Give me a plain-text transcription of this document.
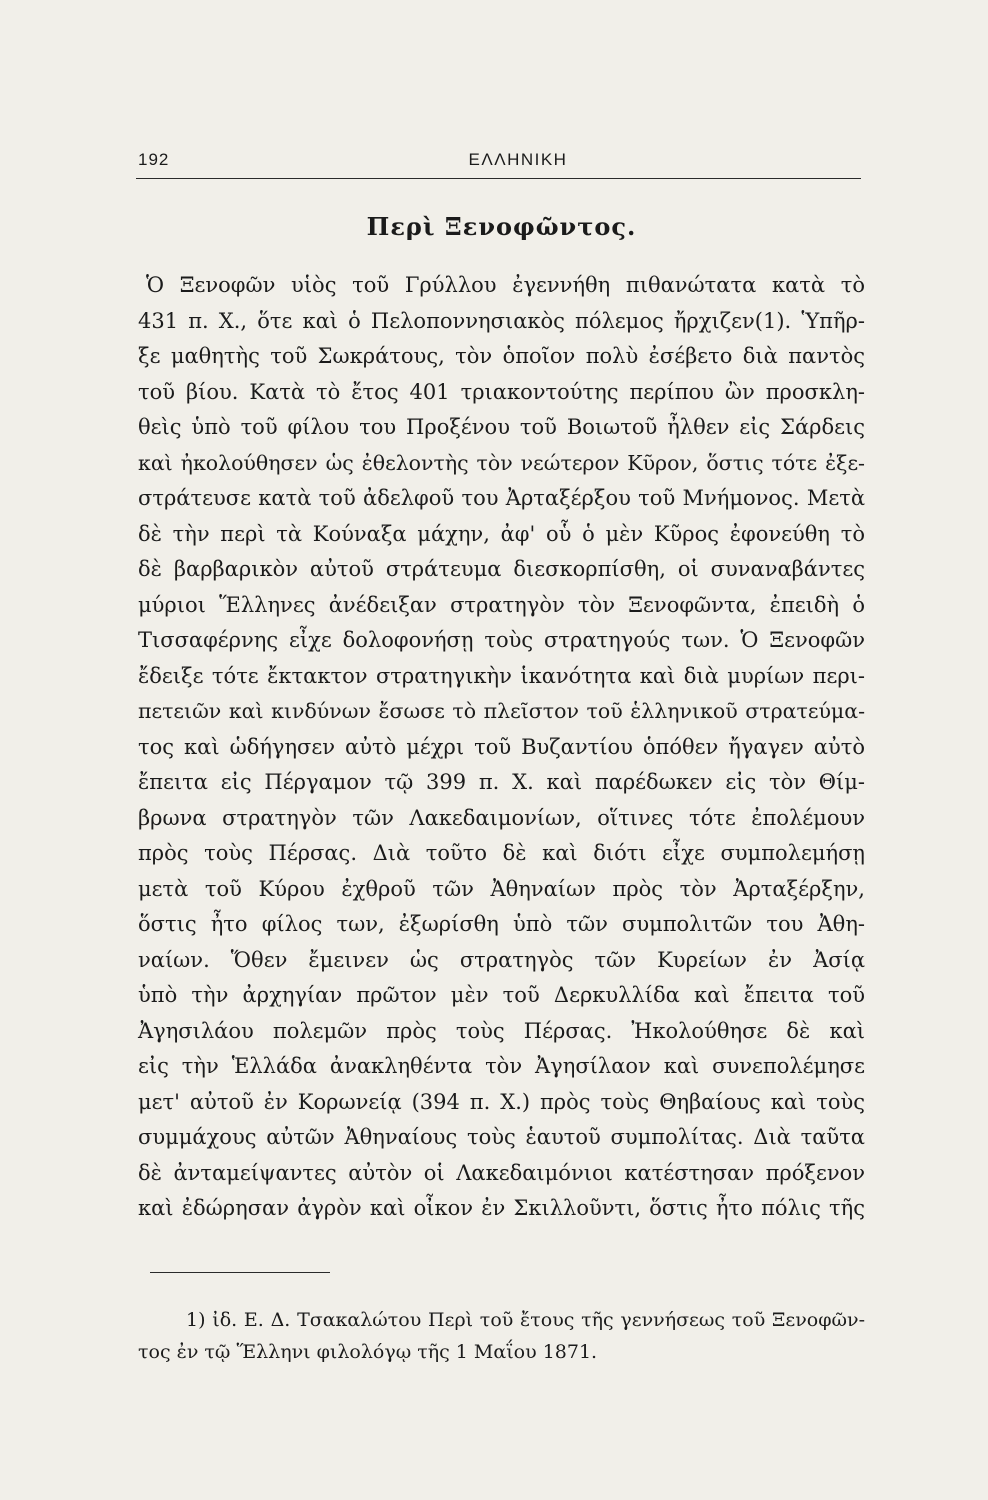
192	ΕΛΛΗΝΙΚΗ
Περὶ Ξενοφῶντος.
Ὁ Ξενοφῶν υἱὸς τοῦ Γρύλλου ἐγεννήθη πιθανώτατα κατὰ τὸ
431 π. Χ., ὅτε καὶ ὁ Πελοποννησιακὸς πόλεμος ἤρχιζεν(1). Ὑπῆρ-
ξε μαθητὴς τοῦ Σωκράτους, τὸν ὁποῖον πολὺ ἐσέβετο διὰ παντὸς
τοῦ βίου. Κατὰ τὸ ἔτος 401 τριακοντούτης περίπου ὢν προσκλη-
θεὶς ὑπὸ τοῦ φίλου του Προξένου τοῦ Βοιωτοῦ ἦλθεν εἰς Σάρδεις
καὶ ἠκολούθησεν ὡς ἐθελοντὴς τὸν νεώτερον Κῦρον, ὅστις τότε ἐξε-
στράτευσε κατὰ τοῦ ἀδελφοῦ του Ἀρταξέρξου τοῦ Μνήμονος. Μετὰ
δὲ τὴν περὶ τὰ Κούναξα μάχην, ἀφ' οὗ ὁ μὲν Κῦρος ἐφονεύθη τὸ
δὲ βαρβαρικὸν αὐτοῦ στράτευμα διεσκορπίσθη, οἱ συναναβάντες
μύριοι Ἕλληνες ἀνέδειξαν στρατηγὸν τὸν Ξενοφῶντα, ἐπειδὴ ὁ
Τισσαφέρνης εἶχε δολοφονήσῃ τοὺς στρατηγούς των. Ὁ Ξενοφῶν
ἔδειξε τότε ἔκτακτον στρατηγικὴν ἱκανότητα καὶ διὰ μυρίων περι-
πετειῶν καὶ κινδύνων ἔσωσε τὸ πλεῖστον τοῦ ἑλληνικοῦ στρατεύμα-
τος καὶ ὡδήγησεν αὐτὸ μέχρι τοῦ Βυζαντίου ὁπόθεν ἤγαγεν αὐτὸ
ἔπειτα εἰς Πέργαμον τῷ 399 π. Χ. καὶ παρέδωκεν εἰς τὸν Θίμ-
βρωνα στρατηγὸν τῶν Λακεδαιμονίων, οἵτινες τότε ἐπολέμουν
πρὸς τοὺς Πέρσας. Διὰ τοῦτο δὲ καὶ διότι εἶχε συμπολεμήσῃ
μετὰ τοῦ Κύρου ἐχθροῦ τῶν Ἀθηναίων πρὸς τὸν Ἀρταξέρξην,
ὅστις ἦτο φίλος των, ἐξωρίσθη ὑπὸ τῶν συμπολιτῶν του Ἀθη-
ναίων. Ὅθεν ἔμεινεν ὡς στρατηγὸς τῶν Κυρείων ἐν Ἀσίᾳ
ὑπὸ τὴν ἀρχηγίαν πρῶτον μὲν τοῦ Δερκυλλίδα καὶ ἔπειτα τοῦ
Ἀγησιλάου πολεμῶν πρὸς τοὺς Πέρσας. Ἠκολούθησε δὲ καὶ
εἰς τὴν Ἑλλάδα ἀνακληθέντα τὸν Ἀγησίλαον καὶ συνεπολέμησε
μετ' αὐτοῦ ἐν Κορωνείᾳ (394 π. Χ.) πρὸς τοὺς Θηβαίους καὶ τοὺς
συμμάχους αὐτῶν Ἀθηναίους τοὺς ἑαυτοῦ συμπολίτας. Διὰ ταῦτα
δὲ ἀνταμείψαντες αὐτὸν οἱ Λακεδαιμόνιοι κατέστησαν πρόξενον
καὶ ἐδώρησαν ἀγρὸν καὶ οἶκον ἐν Σκιλλοῦντι, ὅστις ἦτο πόλις τῆς
1) ἰδ. Ε. Δ. Τσακαλώτου Περὶ τοῦ ἔτους τῆς γεννήσεως τοῦ Ξενοφῶν-
τος ἐν τῷ Ἕλληνι φιλολόγῳ τῆς 1 Μαΐου 1871.
